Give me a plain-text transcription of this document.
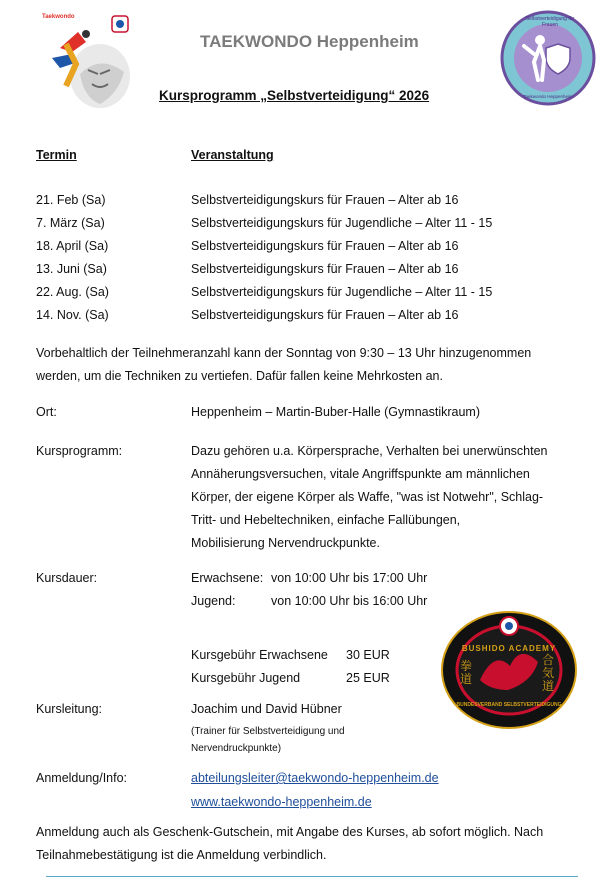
Taekwondo
TAEKWONDO Heppenheim
Selbstverteidigung für Frauen
Taekwondo Heppenheim
Kursprogramm „Selbstverteidigung“ 2026
Termin	Veranstaltung
21. Feb (Sa)	Selbstverteidigungskurs für Frauen – Alter ab 16
7. März (Sa)	Selbstverteidigungskurs für Jugendliche – Alter 11 - 15
18. April (Sa)	Selbstverteidigungskurs für Frauen – Alter ab 16
13. Juni (Sa)	Selbstverteidigungskurs für Frauen – Alter ab 16
22. Aug. (Sa)	Selbstverteidigungskurs für Jugendliche – Alter 11 - 15
14. Nov. (Sa)	Selbstverteidigungskurs für Frauen – Alter ab 16
Vorbehaltlich der Teilnehmeranzahl kann der Sonntag von 9:30 – 13 Uhr hinzugenommen
werden, um die Techniken zu vertiefen. Dafür fallen keine Mehrkosten an.
Ort:	Heppenheim – Martin-Buber-Halle (Gymnastikraum)
Kursprogramm:	Dazu gehören u.a. Körpersprache, Verhalten bei unerwünschten
Annäherungsversuchen, vitale Angriffspunkte am männlichen
Körper, der eigene Körper als Waffe, "was ist Notwehr", Schlag-
Tritt- und Hebeltechniken, einfache Fallübungen,
Mobilisierung Nervendruckpunkte.
Kursdauer:	Erwachsene: von 10:00 Uhr bis 17:00 Uhr
Jugend:	von 10:00 Uhr bis 16:00 Uhr
Kursgebühr Erwachsene 30 EUR
Kursgebühr Jugend	25 EUR
BUSHIDO ACADEMY
拳道
合気道
BUNDESVERBAND SELBSTVERTEIDIGUNG
Kursleitung:	Joachim und David Hübner
(Trainer für Selbstverteidigung und
Nervendruckpunkte)
Anmeldung/Info:	abteilungsleiter@taekwondo-heppenheim.de
www.taekwondo-heppenheim.de
Anmeldung auch als Geschenk-Gutschein, mit Angabe des Kurses, ab sofort möglich. Nach
Teilnahmebestätigung ist die Anmeldung verbindlich.
